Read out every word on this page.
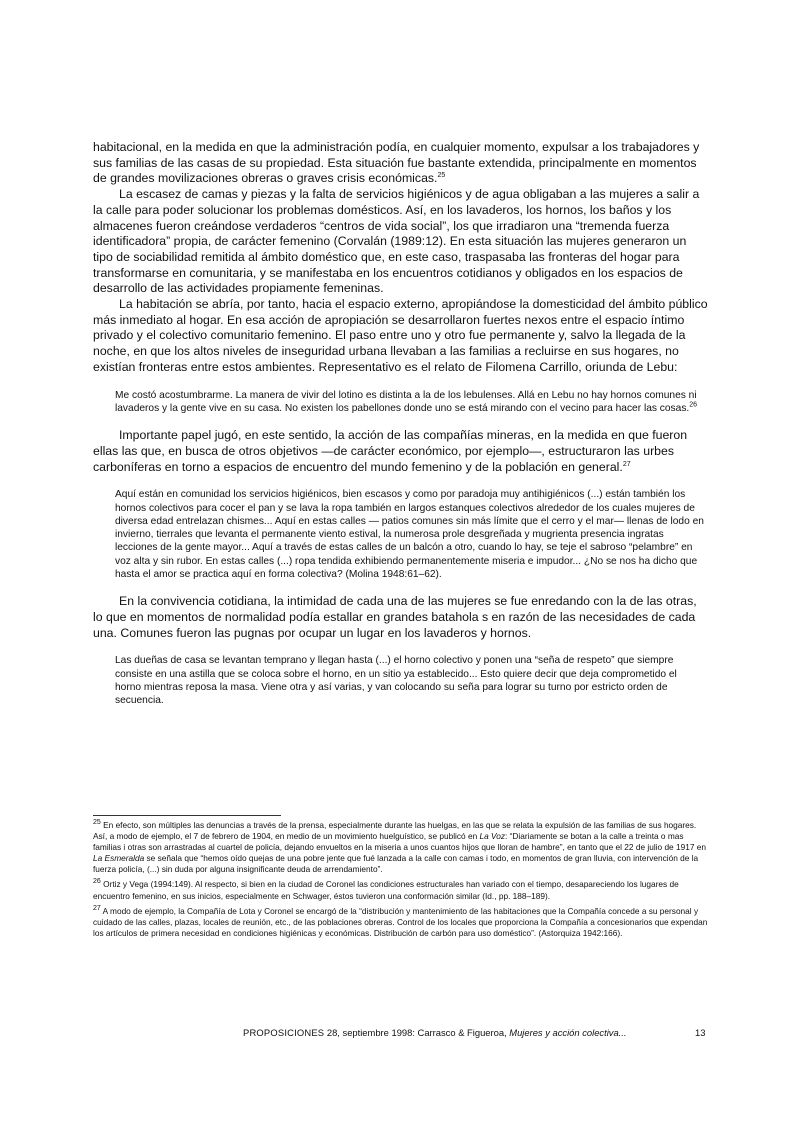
habitacional, en la medida en que la administración podía, en cualquier momento, expulsar a los trabajadores y sus familias de las casas de su propiedad. Esta situación fue bastante extendida, principalmente en momentos de grandes movilizaciones obreras o graves crisis económicas.$^{25}$

La escasez de camas y piezas y la falta de servicios higiénicos y de agua obligaban a las mujeres a salir a la calle para poder solucionar los problemas domésticos. Así, en los lavaderos, los hornos, los baños y los almacenes fueron creándose verdaderos “centros de vida social”, los que irradiaron una “tremenda fuerza identificadora” propia, de carácter femenino (Corvalán (1989:12). En esta situación las mujeres generaron un tipo de sociabilidad remitida al ámbito doméstico que, en este caso, traspasaba las fronteras del hogar para transformarse en comunitaria, y se manifestaba en los encuentros cotidianos y obligados en los espacios de desarrollo de las actividades propiamente femeninas.

La habitación se abría, por tanto, hacia el espacio externo, apropiándose la domesticidad del ámbito público más inmediato al hogar. En esa acción de apropiación se desarrollaron fuertes nexos entre el espacio íntimo privado y el colectivo comunitario femenino. El paso entre uno y otro fue permanente y, salvo la llegada de la noche, en que los altos niveles de inseguridad urbana llevaban a las familias a recluirse en sus hogares, no existían fronteras entre estos ambientes. Representativo es el relato de Filomena Carrillo, oriunda de Lebu:

Me costó acostumbrarme. La manera de vivir del lotino es distinta a la de los lebulenses. Allá en Lebu no hay hornos comunes ni lavaderos y la gente vive en su casa. No existen los pabellones donde uno se está mirando con el vecino para hacer las cosas.$^{26}$

Importante papel jugó, en este sentido, la acción de las compañías mineras, en la medida en que fueron ellas las que, en busca de otros objetivos —de carácter económico, por ejemplo—, estructuraron las urbes carboníferas en torno a espacios de encuentro del mundo femenino y de la población en general.$^{27}$

Aquí están en comunidad los servicios higiénicos, bien escasos y como por paradoja muy antihigiénicos (...) están también los hornos colectivos para cocer el pan y se lava la ropa también en largos estanques colectivos alrededor de los cuales mujeres de diversa edad entrelazan chismes... Aquí en estas calles — patios comunes sin más límite que el cerro y el mar— llenas de lodo en invierno, tierrales que levanta el permanente viento estival, la numerosa prole desgreñada y mugrienta presencia ingratas lecciones de la gente mayor... Aquí a través de estas calles de un balcón a otro, cuando lo hay, se teje el sabroso “pelambre” en voz alta y sin rubor. En estas calles (...) ropa tendida exhibiendo permanentemente miseria e impudor... ¿No se nos ha dicho que hasta el amor se practica aquí en forma colectiva? (Molina 1948:61–62).

En la convivencia cotidiana, la intimidad de cada una de las mujeres se fue enredando con la de las otras, lo que en momentos de normalidad podía estallar en grandes batahola s en razón de las necesidades de cada una. Comunes fueron las pugnas por ocupar un lugar en los lavaderos y hornos.

Las dueñas de casa se levantan temprano y llegan hasta (...) el horno colectivo y ponen una “seña de respeto” que siempre consiste en una astilla que se coloca sobre el horno, en un sitio ya establecido... Esto quiere decir que deja comprometido el horno mientras reposa la masa. Viene otra y así varias, y van colocando su seña para lograr su turno por estricto orden de secuencia.

$^{25}$ En efecto, son múltiples las denuncias a través de la prensa, especialmente durante las huelgas, en las que se relata la expulsión de las familias de sus hogares. Así, a modo de ejemplo, el 7 de febrero de 1904, en medio de un movimiento huelguístico, se publicó en La Voz: “Diariamente se botan a la calle a treinta o mas familias i otras son arrastradas al cuartel de policía, dejando envueltos en la miseria a unos cuantos hijos que lloran de hambre”, en tanto que el 22 de julio de 1917 en La Esmeralda se señala que “hemos oído quejas de una pobre jente que fué lanzada a la calle con camas i todo, en momentos de gran lluvia, con intervención de la fuerza policía, (...) sin duda por alguna insignificante deuda de arrendamiento”.

$^{26}$ Ortiz y Vega (1994:149). Al respecto, si bien en la ciudad de Coronel las condiciones estructurales han variado con el tiempo, desapareciendo los lugares de encuentro femenino, en sus inicios, especialmente en Schwager, éstos tuvieron una conformación similar (Id., pp. 188–189).

$^{27}$ A modo de ejemplo, la Compañía de Lota y Coronel se encargó de la “distribución y mantenimiento de las habitaciones que la Compañía concede a su personal y cuidado de las calles, plazas, locales de reunión, etc., de las poblaciones obreras. Control de los locales que proporciona la Compañía a concesionarios que expendan los artículos de primera necesidad en condiciones higiénicas y económicas. Distribución de carbón para uso doméstico”. (Astorquiza 1942:166).

PROPOSICIONES 28, septiembre 1998: Carrasco & Figueroa, Mujeres y acción colectiva...	13
